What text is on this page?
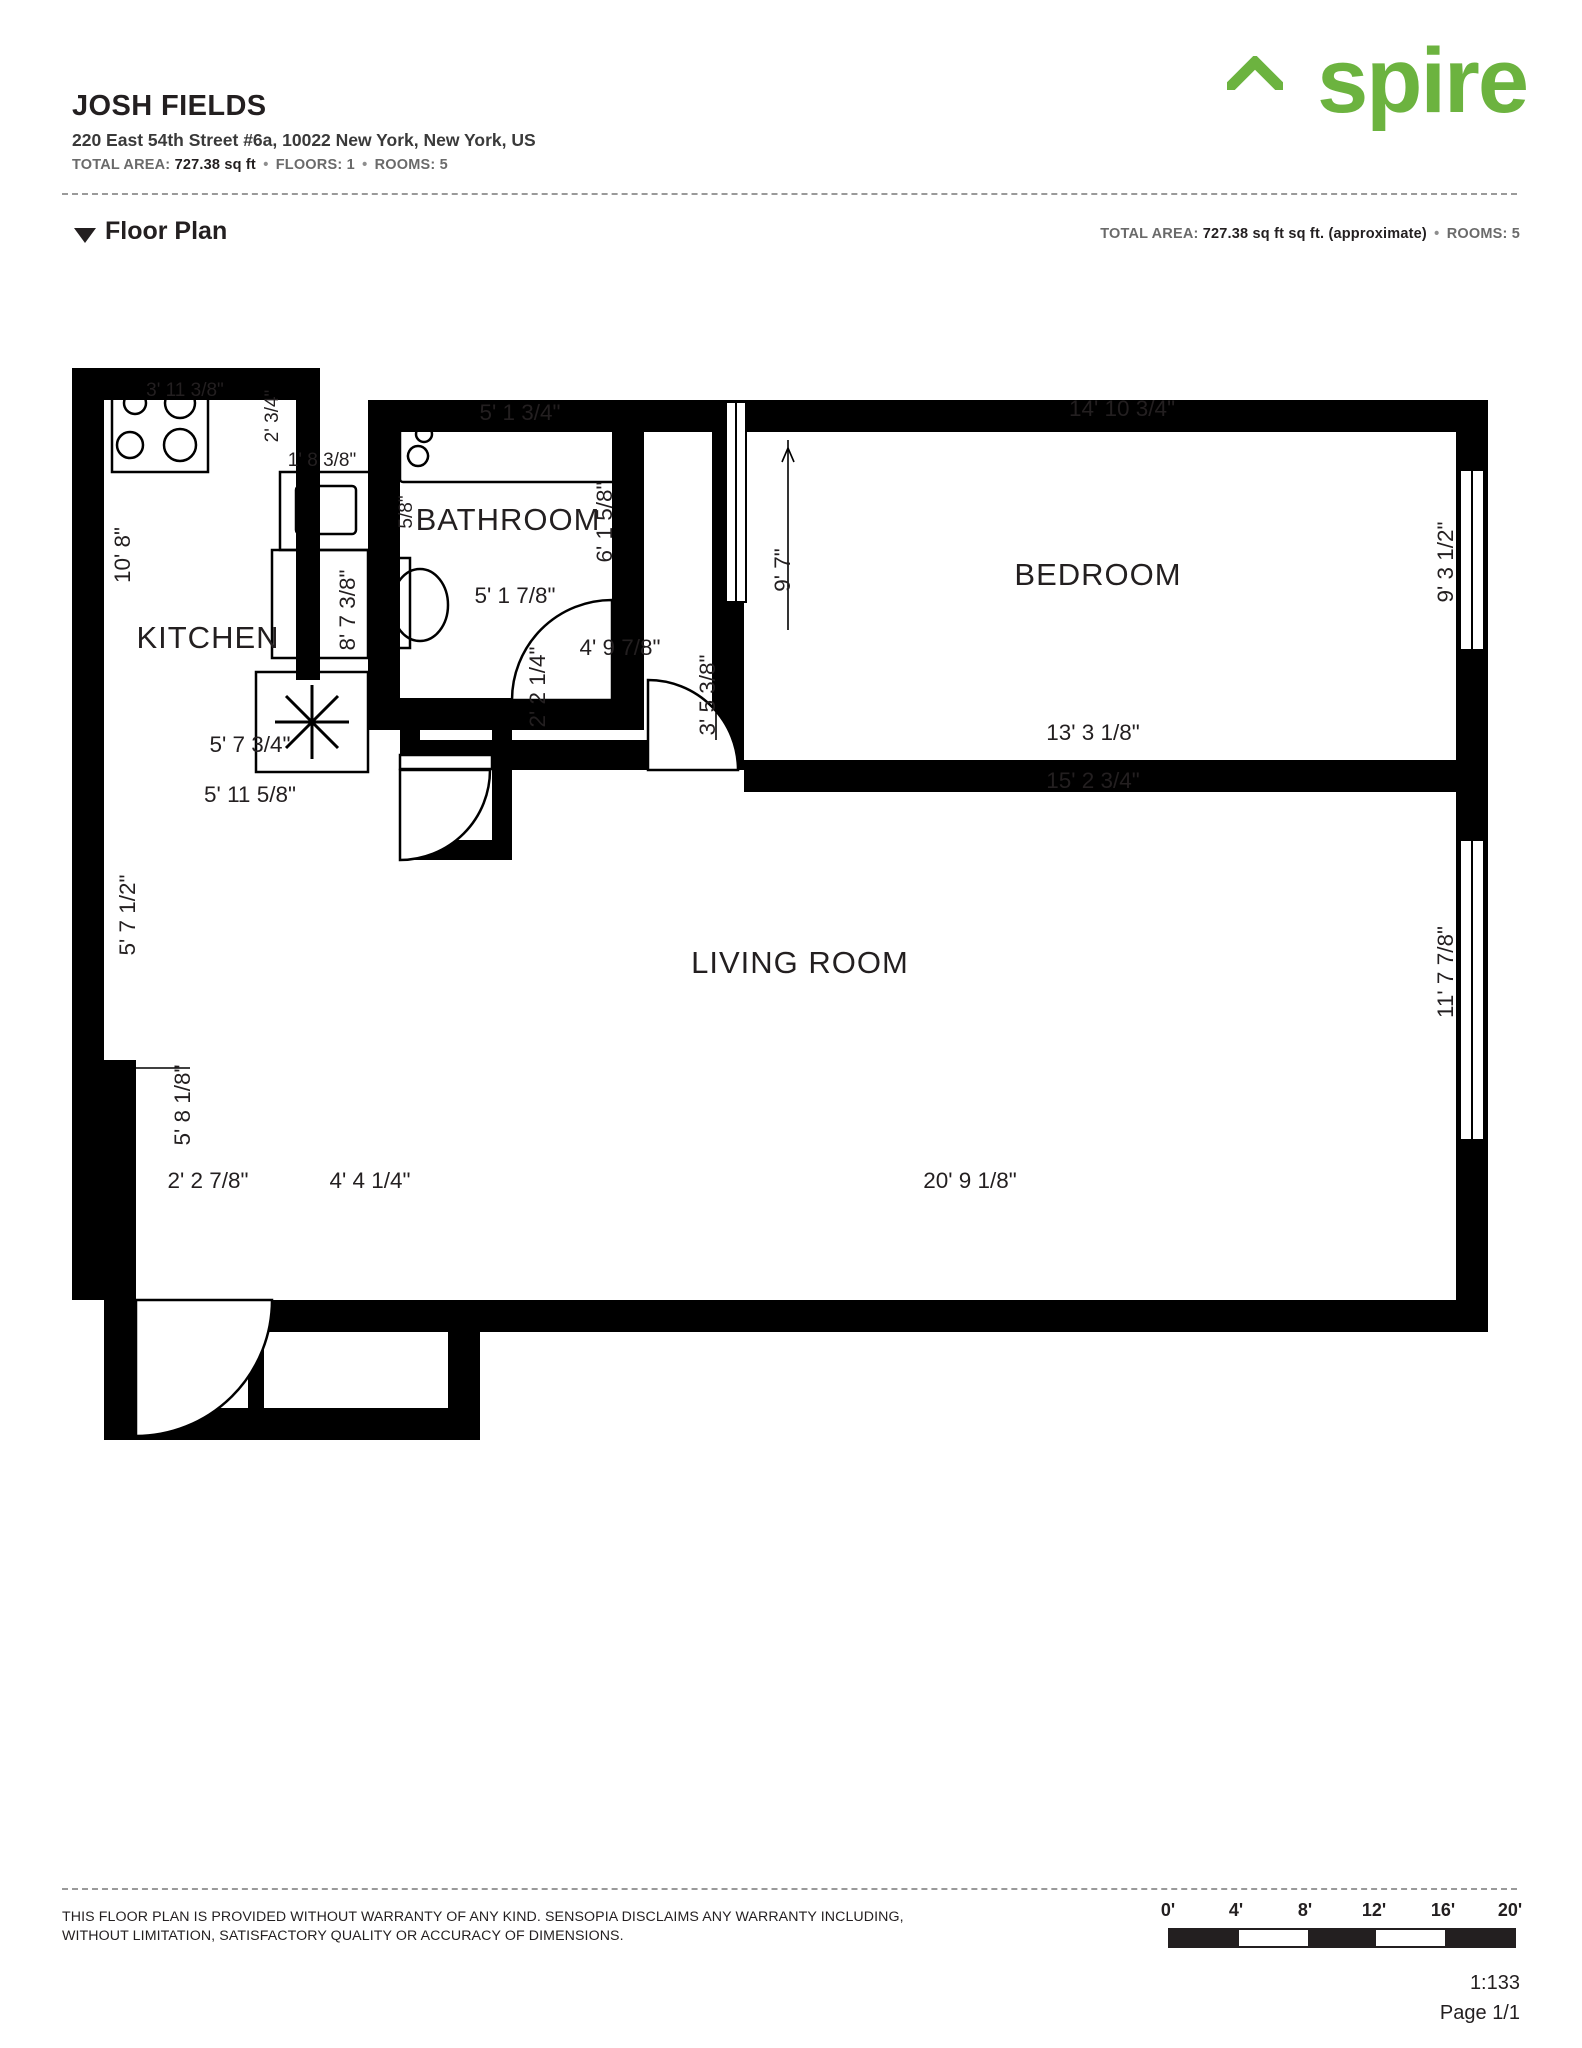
JOSH FIELDS
220 East 54th Street #6a, 10022 New York, New York, US
TOTAL AREA: 727.38 sq ft • FLOORS: 1 • ROOMS: 5
spire
Floor Plan	TOTAL AREA: 727.38 sq ft sq ft. (approximate) • ROOMS: 5
KITCHEN
BATHROOM
BEDROOM
LIVING ROOM
3' 11 3/8" 2' 3/4"	5' 1 3/4"
1' 8 3/8"
5/8"	6' 1 5/8"
8' 7 3/8"
10' 8"
5' 1 7/8"
9' 7"
14' 10 3/4"
9' 3 1/2"
2' 2 1/4" 4' 9 7/8"
3' 5 3/8"	13' 3 1/8"
15' 2 3/4"
5' 7 3/4"
5' 11 5/8"
5' 7 1/2"
11' 7 7/8"
5' 8 1/8"
2' 2 7/8"	4' 4 1/4"	20' 9 1/8"
THIS FLOOR PLAN IS PROVIDED WITHOUT WARRANTY OF ANY KIND. SENSOPIA DISCLAIMS ANY WARRANTY INCLUDING,
WITHOUT LIMITATION, SATISFACTORY QUALITY OR ACCURACY OF DIMENSIONS.
0'	4'	8'	12' 16' 20'
1:133
Page 1/1
